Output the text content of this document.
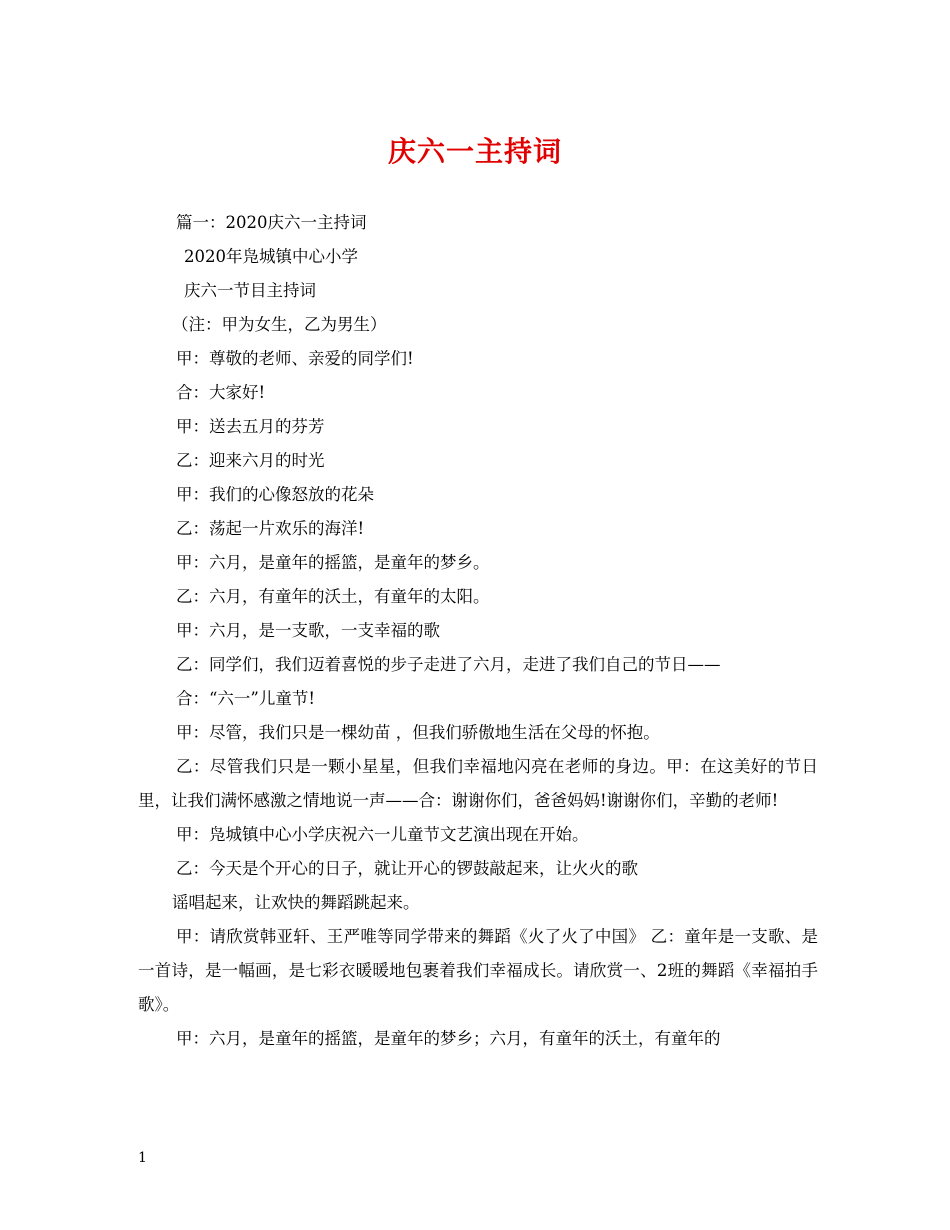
庆六一主持词
篇一：2020庆六一主持词
2020年凫城镇中心小学
庆六一节目主持词
（注：甲为女生，乙为男生）
甲：尊敬的老师、亲爱的同学们!
合：大家好!
甲：送去五月的芬芳
乙：迎来六月的时光
甲：我们的心像怒放的花朵
乙：荡起一片欢乐的海洋!
甲：六月，是童年的摇篮，是童年的梦乡。
乙：六月，有童年的沃土，有童年的太阳。
甲：六月，是一支歌，一支幸福的歌
乙：同学们，我们迈着喜悦的步子走进了六月，走进了我们自己的节日——
合：“六一”儿童节!
甲：尽管，我们只是一棵幼苗 ，但我们骄傲地生活在父母的怀抱。
乙：尽管我们只是一颗小星星，但我们幸福地闪亮在老师的身边。甲：在这美好的节日里，让我们满怀感激之情地说一声——合：谢谢你们，爸爸妈妈!谢谢你们，辛勤的老师!
甲：凫城镇中心小学庆祝六一儿童节文艺演出现在开始。
乙：今天是个开心的日子，就让开心的锣鼓敲起来，让火火的歌
谣唱起来，让欢快的舞蹈跳起来。
甲：请欣赏韩亚轩、王严唯等同学带来的舞蹈《火了火了中国》 乙：童年是一支歌、是一首诗，是一幅画，是七彩衣暖暖地包裹着我们幸福成长。请欣赏一、2班的舞蹈《幸福拍手歌》。
甲：六月，是童年的摇篮，是童年的梦乡；六月，有童年的沃土，有童年的
1
